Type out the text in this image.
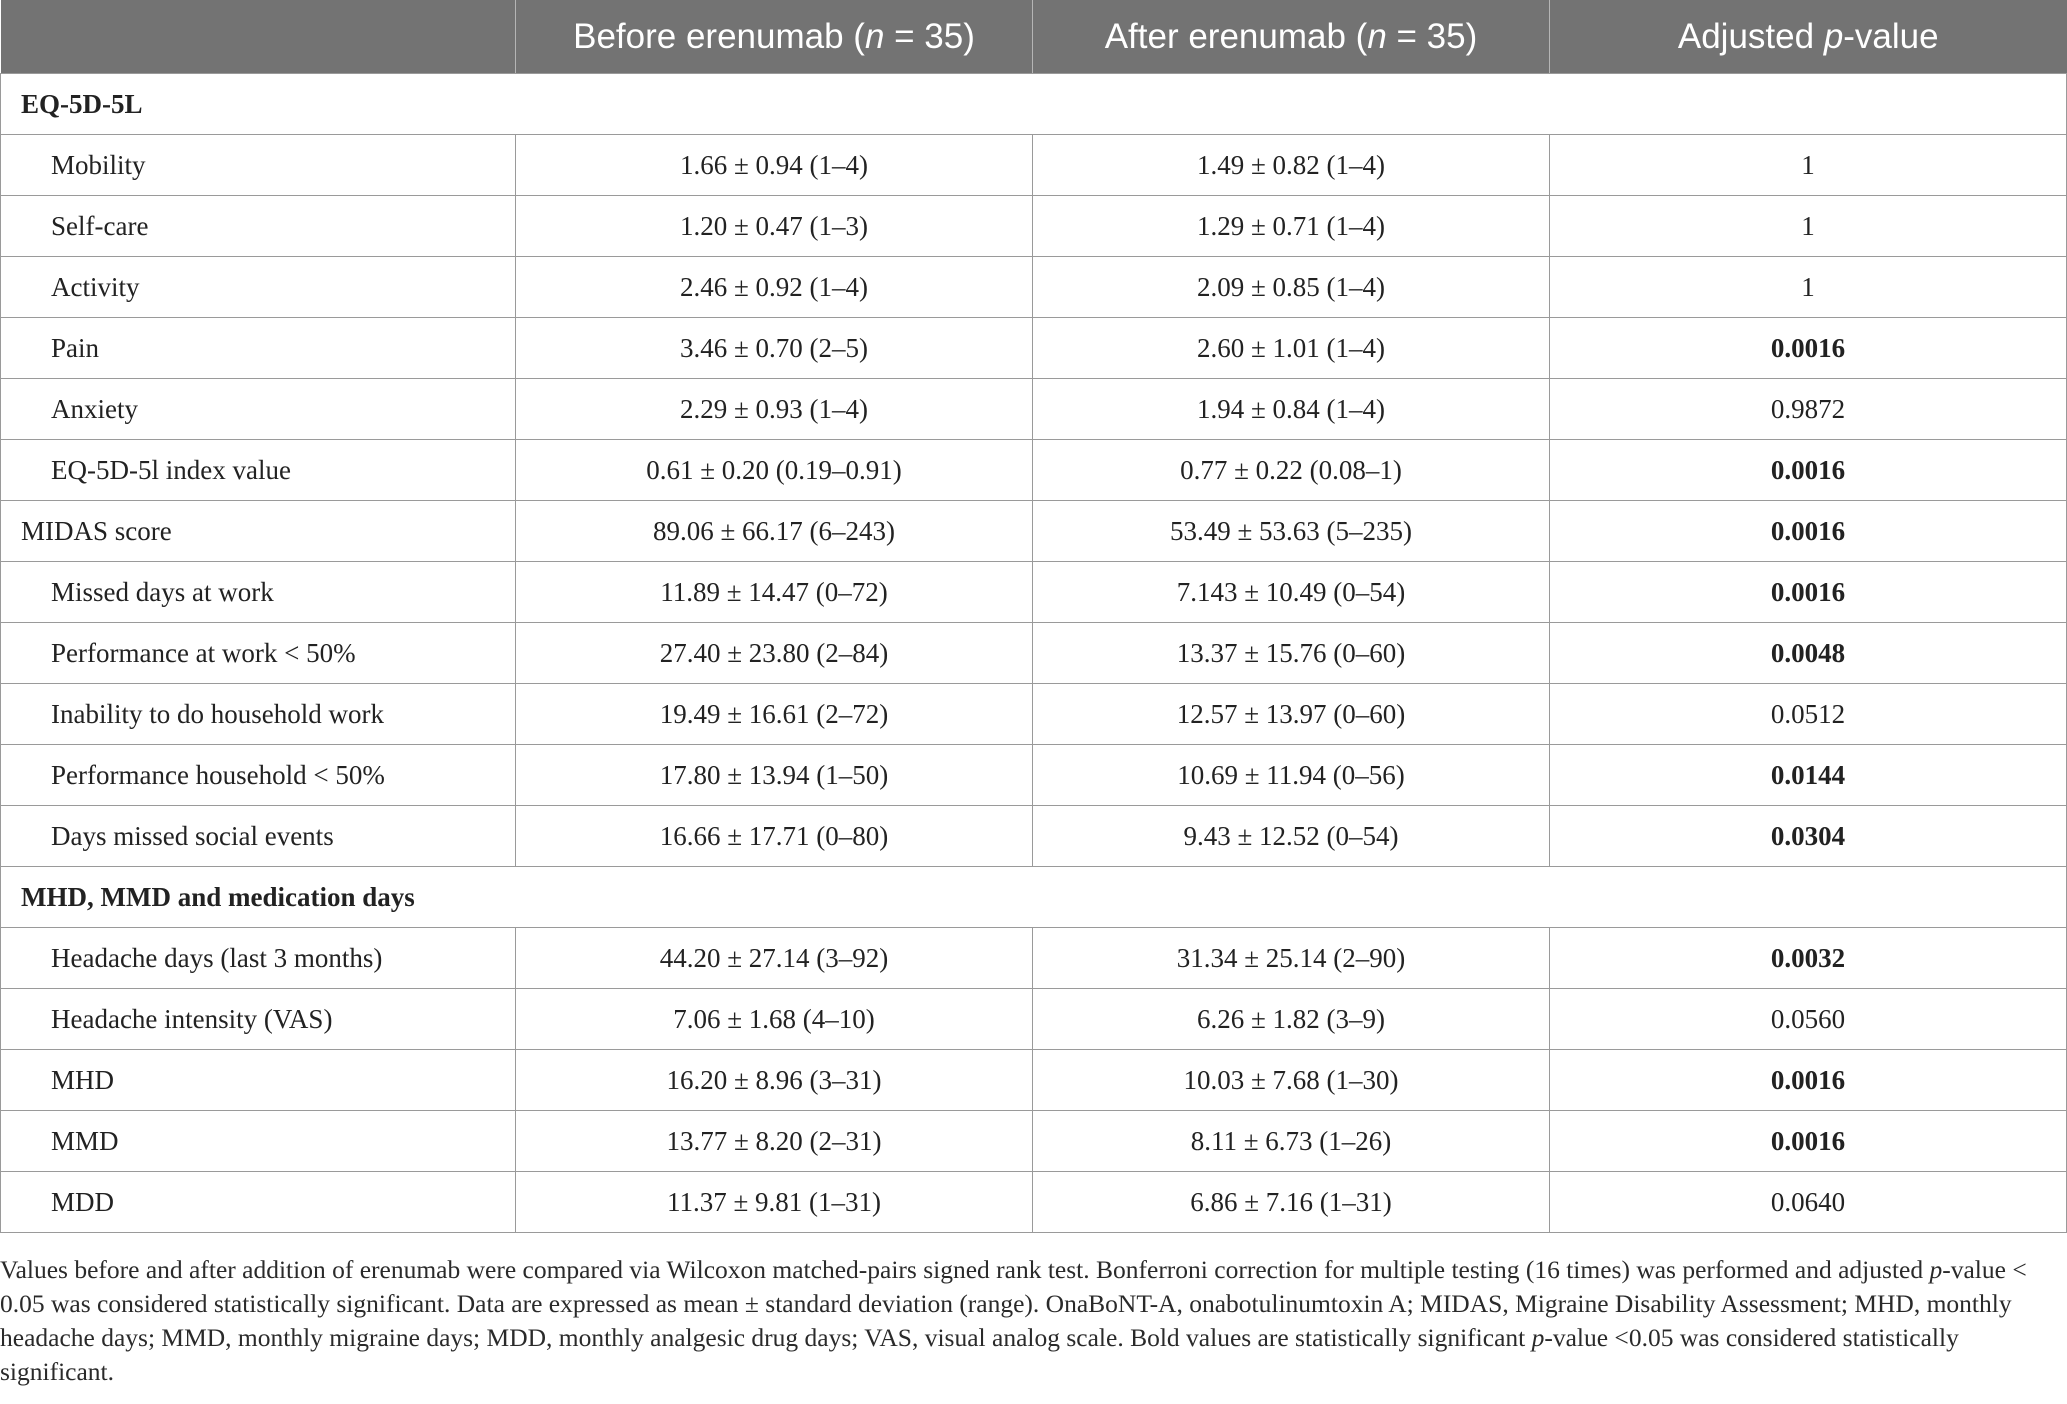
	Before erenumab (n = 35)	After erenumab (n = 35)	Adjusted p-value
EQ-5D-5L			
Mobility	1.66 ± 0.94 (1–4)	1.49 ± 0.82 (1–4)	1
Self-care	1.20 ± 0.47 (1–3)	1.29 ± 0.71 (1–4)	1
Activity	2.46 ± 0.92 (1–4)	2.09 ± 0.85 (1–4)	1
Pain	3.46 ± 0.70 (2–5)	2.60 ± 1.01 (1–4)	0.0016
Anxiety	2.29 ± 0.93 (1–4)	1.94 ± 0.84 (1–4)	0.9872
EQ-5D-5l index value	0.61 ± 0.20 (0.19–0.91)	0.77 ± 0.22 (0.08–1)	0.0016
MIDAS score	89.06 ± 66.17 (6–243)	53.49 ± 53.63 (5–235)	0.0016
Missed days at work	11.89 ± 14.47 (0–72)	7.143 ± 10.49 (0–54)	0.0016
Performance at work < 50%	27.40 ± 23.80 (2–84)	13.37 ± 15.76 (0–60)	0.0048
Inability to do household work	19.49 ± 16.61 (2–72)	12.57 ± 13.97 (0–60)	0.0512
Performance household < 50%	17.80 ± 13.94 (1–50)	10.69 ± 11.94 (0–56)	0.0144
Days missed social events	16.66 ± 17.71 (0–80)	9.43 ± 12.52 (0–54)	0.0304
MHD, MMD and medication days			
Headache days (last 3 months)	44.20 ± 27.14 (3–92)	31.34 ± 25.14 (2–90)	0.0032
Headache intensity (VAS)	7.06 ± 1.68 (4–10)	6.26 ± 1.82 (3–9)	0.0560
MHD	16.20 ± 8.96 (3–31)	10.03 ± 7.68 (1–30)	0.0016
MMD	13.77 ± 8.20 (2–31)	8.11 ± 6.73 (1–26)	0.0016
MDD	11.37 ± 9.81 (1–31)	6.86 ± 7.16 (1–31)	0.0640
Values before and after addition of erenumab were compared via Wilcoxon matched-pairs signed rank test. Bonferroni correction for multiple testing (16 times) was performed and adjusted p-value < 0.05 was considered statistically significant. Data are expressed as mean ± standard deviation (range). OnaBoNT-A, onabotulinumtoxin A; MIDAS, Migraine Disability Assessment; MHD, monthly headache days; MMD, monthly migraine days; MDD, monthly analgesic drug days; VAS, visual analog scale. Bold values are statistically significant p-value <0.05 was considered statistically significant.
